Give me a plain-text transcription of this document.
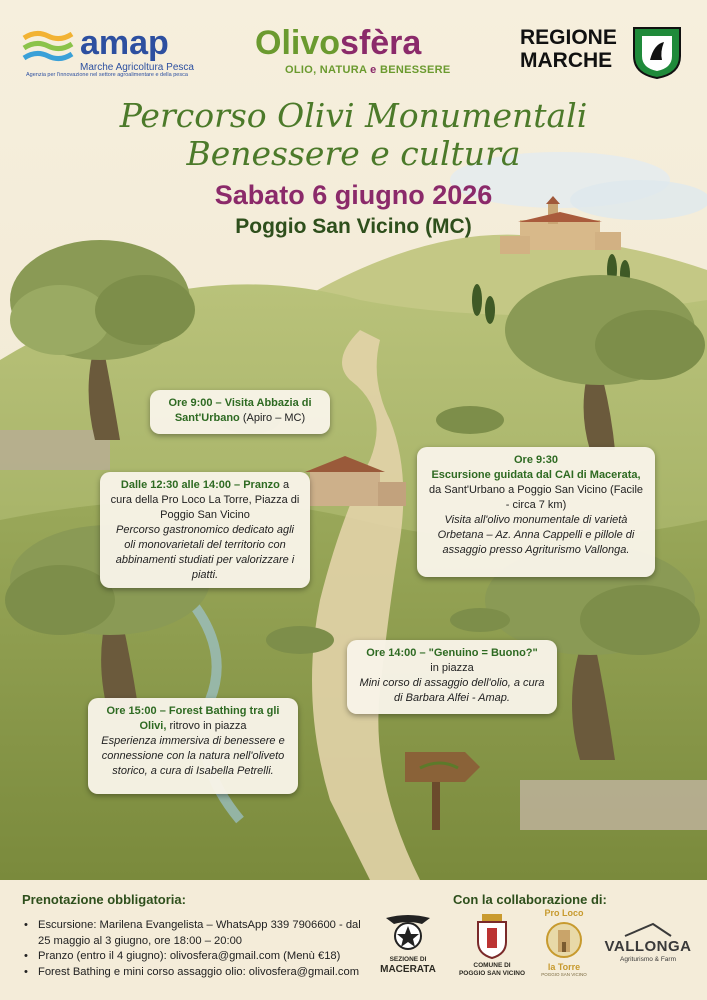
amap
Marche Agricoltura Pesca
Agenzia per l'innovazione nel settore agroalimentare e della pesca
Olivosfèra
OLIO, NATURA e BENESSERE
REGIONE
MARCHE
Percorso Olivi Monumentali
Benessere e cultura
Sabato 6 giugno 2026
Poggio San Vicino (MC)
Ore 9:00 – Visita Abbazia di Sant'Urbano (Apiro – MC)
Ore 9:30
Escursione guidata dal CAI di Macerata, da Sant'Urbano a Poggio San Vicino (Facile - circa 7 km)
Visita all'olivo monumentale di varietà Orbetana – Az. Anna Cappelli e pillole di assaggio presso Agriturismo Vallonga.
Dalle 12:30 alle 14:00 – Pranzo a cura della Pro Loco La Torre, Piazza di Poggio San Vicino
Percorso gastronomico dedicato agli oli monovarietali del territorio con abbinamenti studiati per valorizzare i piatti.
Ore 14:00 – "Genuino = Buono?"
in piazza
Mini corso di assaggio dell'olio, a cura di Barbara Alfei - Amap.
Ore 15:00 – Forest Bathing tra gli Olivi, ritrovo in piazza
Esperienza immersiva di benessere e connessione con la natura nell'oliveto storico, a cura di Isabella Petrelli.
Prenotazione obbligatoria:
• Escursione: Marilena Evangelista – WhatsApp 339 7906600 - dal 25 maggio al 3 giugno, ore 18:00 – 20:00
• Pranzo (entro il 4 giugno): olivosfera@gmail.com (Menù €18)
• Forest Bathing e mini corso assaggio olio: olivosfera@gmail.com
Con la collaborazione di:
SEZIONE DI
MACERATA	COMUNE DI
POGGIO SAN VICINO
Pro Loco
la Torre
POGGIO SAN VICINO
VALLONGA
Agriturismo & Farm
